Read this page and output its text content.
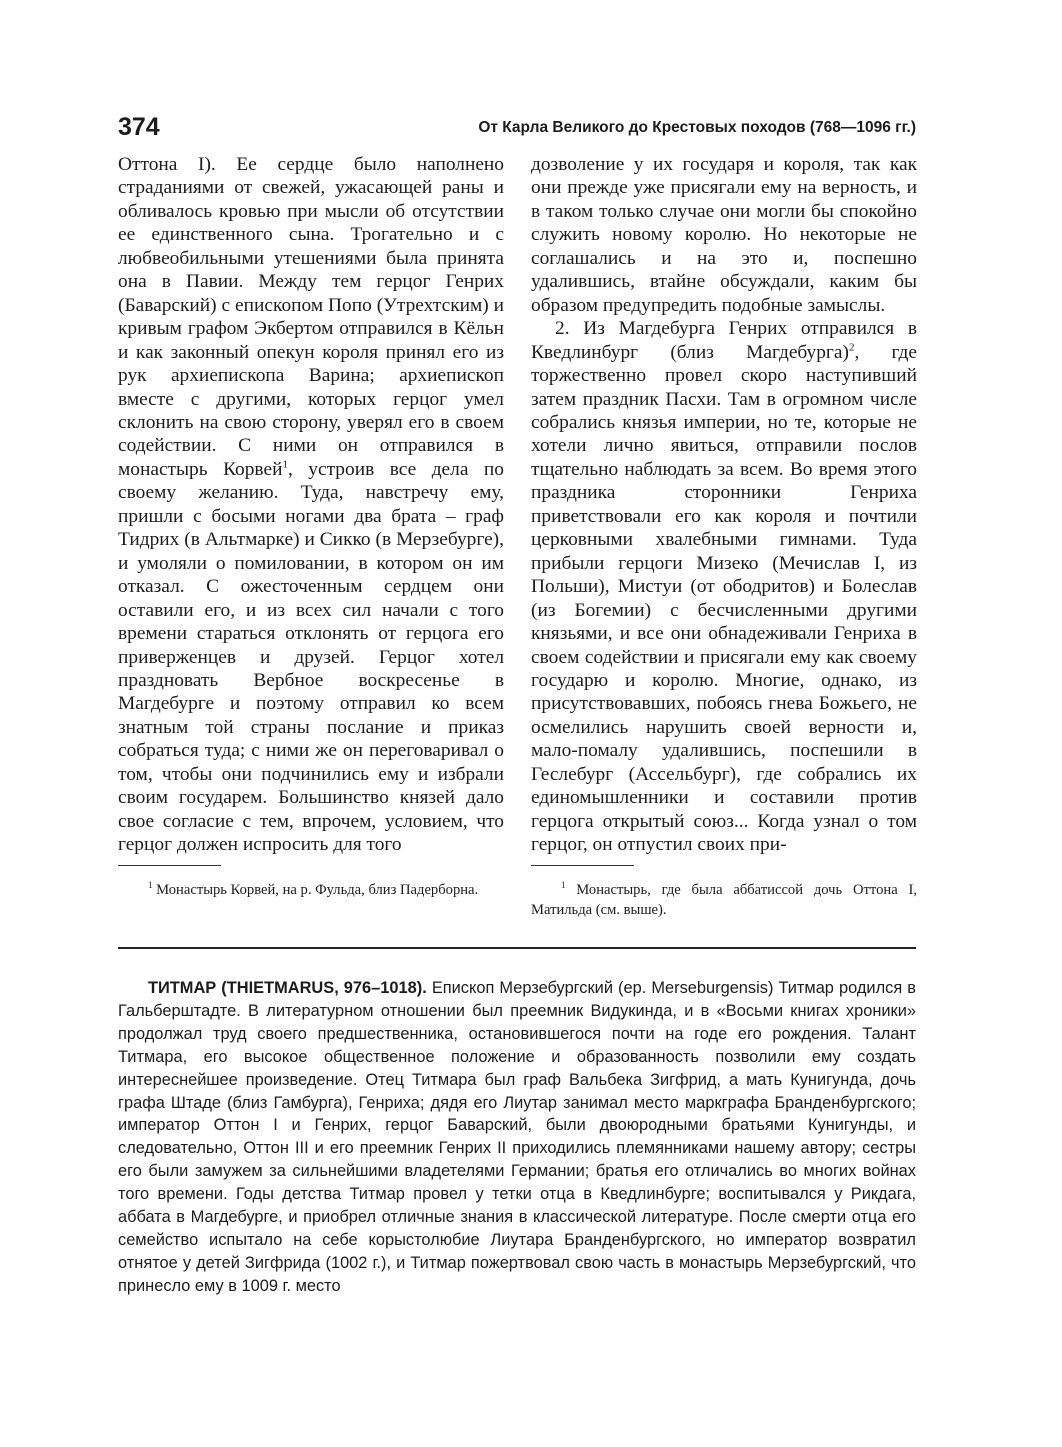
374	От Карла Великого до Крестовых походов (768—1096 гг.)

Оттона I). Ее сердце было наполнено страданиями от свежей, ужасающей раны и обливалось кровью при мысли об отсутствии ее единственного сына. Трогательно и с любвеобильными утешениями была принята она в Павии. Между тем герцог Генрих (Баварский) с епископом Попо (Утрехтским) и кривым графом Экбертом отправился в Кёльн и как законный опекун короля принял его из рук архиепископа Варина; архиепископ вместе с другими, которых герцог умел склонить на свою сторону, уверял его в своем содействии. С ними он отправился в монастырь Корвей$^1$, устроив все дела по своему желанию. Туда, навстречу ему, пришли с босыми ногами два брата – граф Тидрих (в Альтмарке) и Сикко (в Мерзебурге), и умоляли о помиловании, в котором он им отказал. С ожесточенным сердцем они оставили его, и из всех сил начали с того времени стараться отклонять от герцога его приверженцев и друзей. Герцог хотел праздновать Вербное воскресенье в Магдебурге и поэтому отправил ко всем знатным той страны послание и приказ собраться туда; с ними же он переговаривал о том, чтобы они подчинились ему и избрали своим государем. Большинство князей дало свое согласие с тем, впрочем, условием, что герцог должен испросить для того

дозволение у их государя и короля, так как они прежде уже присягали ему на верность, и в таком только случае они могли бы спокойно служить новому королю. Но некоторые не соглашались и на это и, поспешно удалившись, втайне обсуждали, каким бы образом предупредить подобные замыслы.

2. Из Магдебурга Генрих отправился в Кведлинбург (близ Магдебурга)$^2$, где торжественно провел скоро наступивший затем праздник Пасхи. Там в огромном числе собрались князья империи, но те, которые не хотели лично явиться, отправили послов тщательно наблюдать за всем. Во время этого праздника сторонники Генриха приветствовали его как короля и почтили церковными хвалебными гимнами. Туда прибыли герцоги Мизеко (Мечислав I, из Польши), Мистуи (от ободритов) и Болеслав (из Богемии) с бесчисленными другими князьями, и все они обнадеживали Генриха в своем содействии и присягали ему как своему государю и королю. Многие, однако, из присутствовавших, побоясь гнева Божьего, не осмелились нарушить своей верности и, мало-помалу удалившись, поспешили в Геслебург (Ассельбург), где собрались их единомышленники и составили против герцога открытый союз... Когда узнал о том герцог, он отпустил своих при-

$^1$ Монастырь Корвей, на р. Фульда, близ Падерборна.	$^1$ Монастырь, где была аббатиссой дочь Оттона I, Матильда (см. выше).

ТИТМАР (THIETMARUS, 976–1018). Епископ Мерзебургский (ep. Merseburgensis) Титмар родился в Гальберштадте. В литературном отношении был преемник Видукинда, и в «Восьми книгах хроники» продолжал труд своего предшественника, остановившегося почти на годе его рождения. Талант Титмара, его высокое общественное положение и образованность позволили ему создать интереснейшее произведение. Отец Титмара был граф Вальбека Зигфрид, а мать Кунигунда, дочь графа Штаде (близ Гамбурга), Генриха; дядя его Лиутар занимал место маркграфа Бранденбургского; император Оттон I и Генрих, герцог Баварский, были двоюродными братьями Кунигунды, и следовательно, Оттон III и его преемник Генрих II приходились племянниками нашему автору; сестры его были замужем за сильнейшими владетелями Германии; братья его отличались во многих войнах того времени. Годы детства Титмар провел у тетки отца в Кведлинбурге; воспитывался у Рикдага, аббата в Магдебурге, и приобрел отличные знания в классической литературе. После смерти отца его семейство испытало на себе корыстолюбие Лиутара Бранденбургского, но император возвратил отнятое у детей Зигфрида (1002 г.), и Титмар пожертвовал свою часть в монастырь Мерзебургский, что принесло ему в 1009 г. место
